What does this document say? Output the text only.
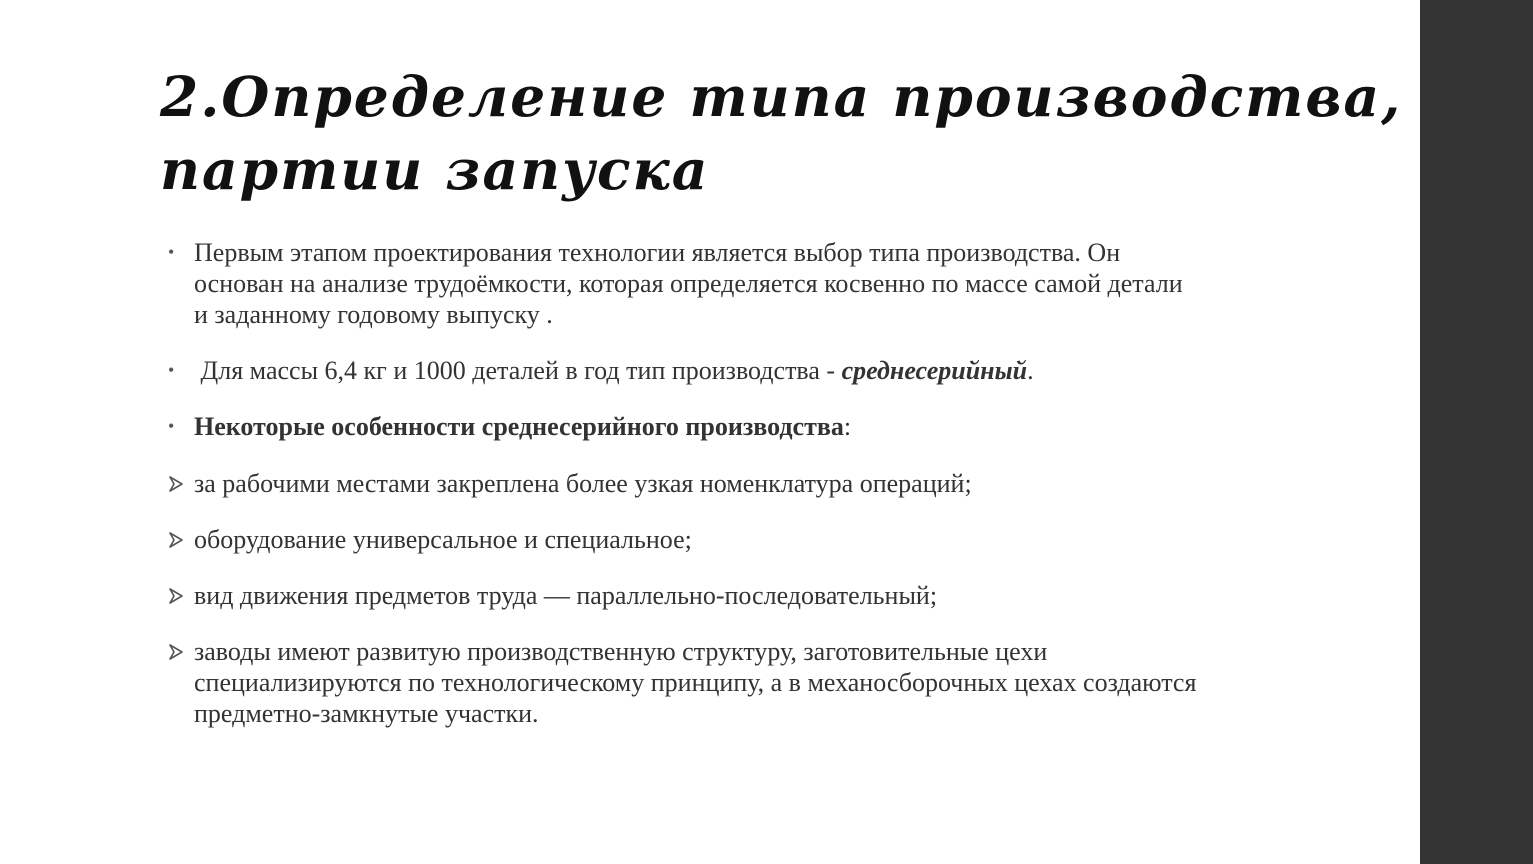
2.Определение типа производства,
партии запуска
• Первым этапом проектирования технологии является выбор типа производства. Он основан на анализе трудоёмкости, которая определяется косвенно по массе самой детали и заданному годовому выпуску .
• Для массы 6,4 кг и 1000 деталей в год тип производства - среднесерийный.
• Некоторые особенности среднесерийного производства:
за рабочими местами закреплена более узкая номенклатура операций;
оборудование универсальное и специальное;
вид движения предметов труда — параллельно-последовательный;
заводы имеют развитую производственную структуру, заготовительные цехи специализируются по технологическому принципу, а в механосборочных цехах создаются предметно-замкнутые участки.
